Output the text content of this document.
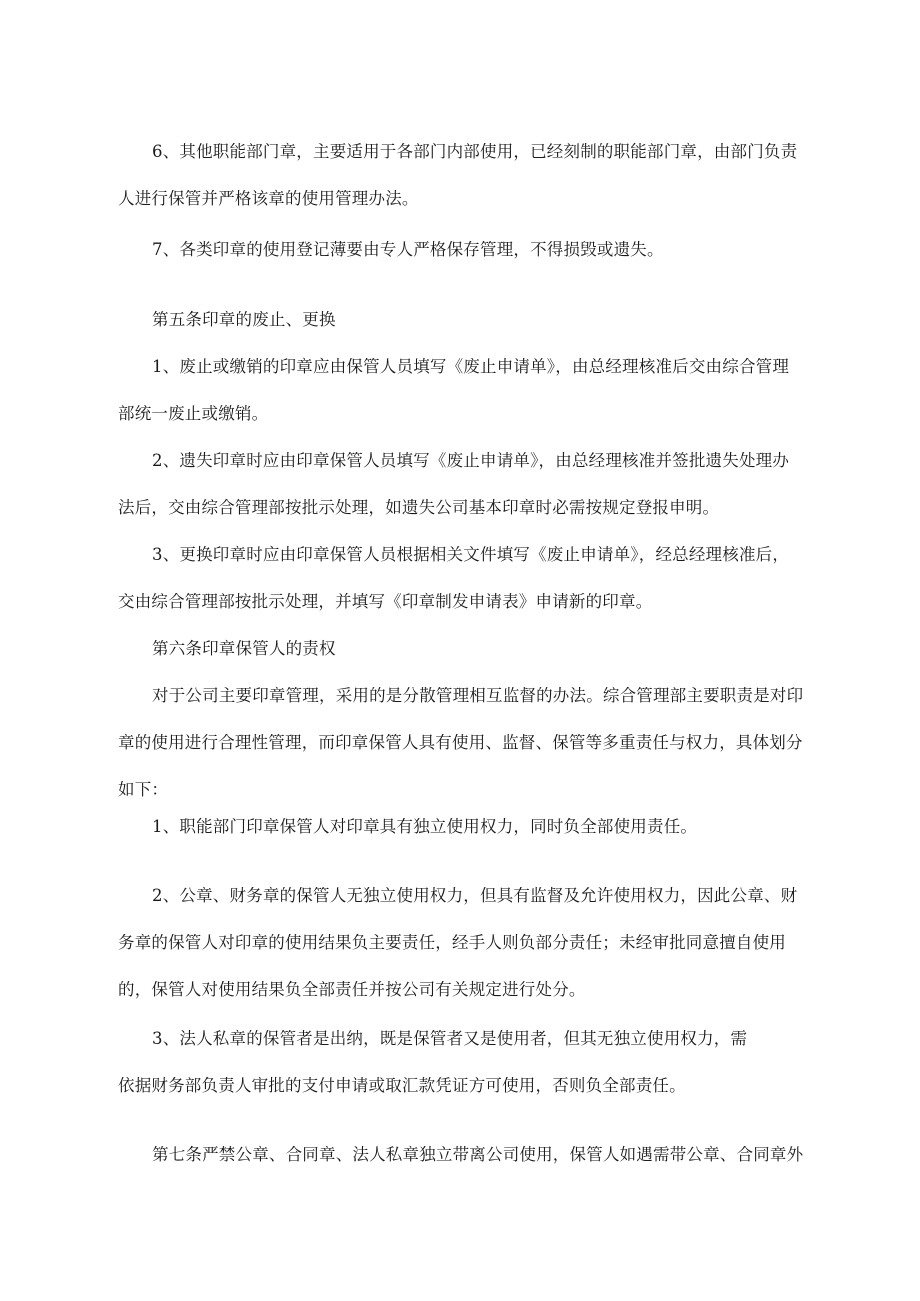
6、其他职能部门章，主要适用于各部门内部使用，已经刻制的职能部门章，由部门负责
人进行保管并严格该章的使用管理办法。
7、各类印章的使用登记薄要由专人严格保存管理，不得损毁或遗失。
第五条印章的废止、更换
1、废止或缴销的印章应由保管人员填写《废止申请单》，由总经理核准后交由综合管理
部统一废止或缴销。
2、遗失印章时应由印章保管人员填写《废止申请单》，由总经理核准并签批遗失处理办
法后，交由综合管理部按批示处理，如遗失公司基本印章时必需按规定登报申明。
3、更换印章时应由印章保管人员根据相关文件填写《废止申请单》，经总经理核准后，
交由综合管理部按批示处理，并填写《印章制发申请表》申请新的印章。
第六条印章保管人的责权
对于公司主要印章管理，采用的是分散管理相互监督的办法。综合管理部主要职责是对印
章的使用进行合理性管理，而印章保管人具有使用、监督、保管等多重责任与权力，具体划分
如下：
1、职能部门印章保管人对印章具有独立使用权力，同时负全部使用责任。
2、公章、财务章的保管人无独立使用权力，但具有监督及允许使用权力，因此公章、财
务章的保管人对印章的使用结果负主要责任，经手人则负部分责任；未经审批同意擅自使用
的，保管人对使用结果负全部责任并按公司有关规定进行处分。
3、法人私章的保管者是出纳，既是保管者又是使用者，但其无独立使用权力，需
依据财务部负责人审批的支付申请或取汇款凭证方可使用，否则负全部责任。
第七条严禁公章、合同章、法人私章独立带离公司使用，保管人如遇需带公章、合同章外
